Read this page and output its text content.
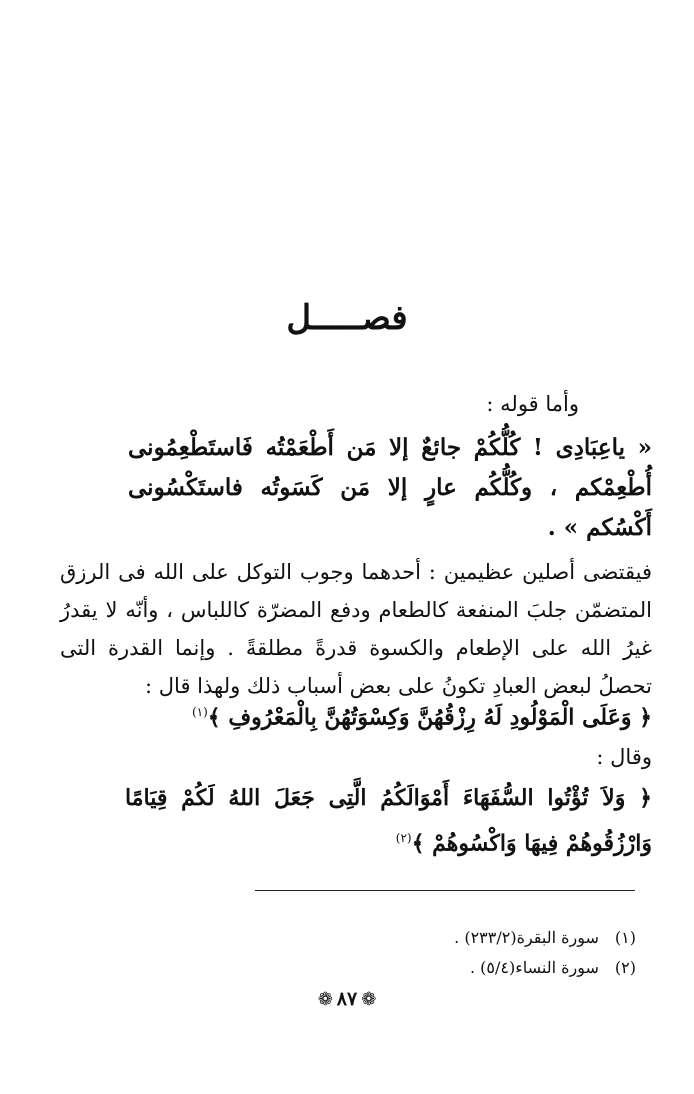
فصـــــل
وأما قوله :
« ياعِبَادِى ! كُلُّكُمْ جائعٌ إلا مَن أَطْعَمْتُه فَاستَطْعِمُونى أُطْعِمْكم ، وكُلُّكُم عارٍ إلا مَن كَسَوتُه فاستَكْسُونى أَكْسُكم » .
فيقتضى أصلين عظيمين : أحدهما وجوب التوكل على الله فى الرزق المتضمّن جلبَ المنفعة كالطعام ودفع المضرّة كاللباس ، وأنّه لا يقدرُ غيرُ الله على الإطعام والكسوة قدرةً مطلقةً . وإنما القدرة التى تحصلُ لبعض العبادِ تكونُ على بعض أسباب ذلك ولهذا قال :
﴿ وَعَلَى الْمَوْلُودِ لَهُ رِزْقُهُنَّ وَكِسْوَتُهُنَّ بِالْمَعْرُوفِ ﴾$^{(١)}$
وقال :
﴿ وَلاَ تُؤْتُوا السُّفَهَاءَ أَمْوَالَكُمُ الَّتِى جَعَلَ اللهُ لَكُمْ قِيَامًا وَارْزُقُوهُمْ فِيهَا وَاكْسُوهُمْ ﴾$^{(٢)}$
(١)سورة البقرة(٢٣٣/٢) .
(٢)سورة النساء(٥/٤) .
❁ ٨٧ ❁
